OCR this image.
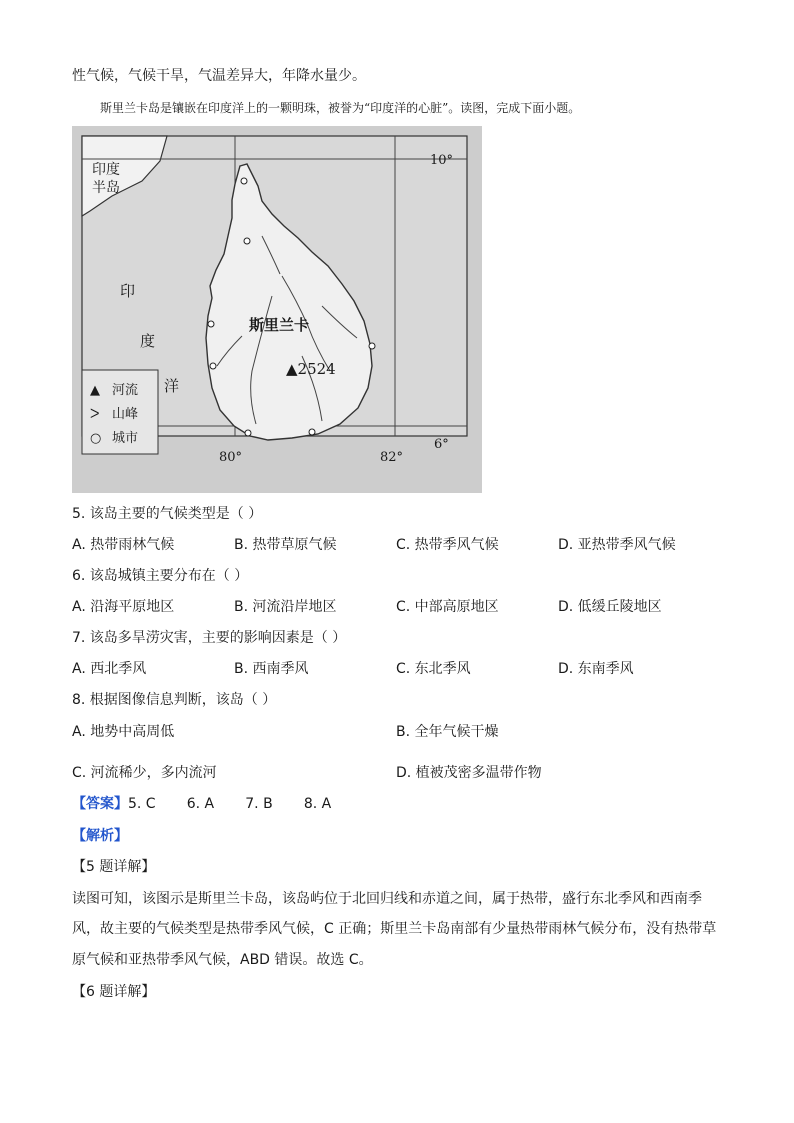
性气候，气候干旱，气温差异大，年降水量少。
斯里兰卡岛是镶嵌在印度洋上的一颗明珠，被誉为“印度洋的心脏”。读图，完成下面小题。
印度
半岛
印
度
洋
斯里兰卡
▲2524
10°
6°
80°	82°
▲ 河流
ᐳ 山峰
○ 城市
5. 该岛主要的气候类型是（ ）
A. 热带雨林气候	B. 热带草原气候	C. 热带季风气候	D. 亚热带季风气候
6. 该岛城镇主要分布在（ ）
A. 沿海平原地区	B. 河流沿岸地区	C. 中部高原地区	D. 低缓丘陵地区
7. 该岛多旱涝灾害，主要的影响因素是（ ）
A. 西北季风	B. 西南季风	C. 东北季风	D. 东南季风
8. 根据图像信息判断，该岛（ ）
A. 地势中高周低	B. 全年气候干燥
C. 河流稀少，多内流河	D. 植被茂密多温带作物
【答案】5. C       6. A       7. B       8. A
【解析】
【5 题详解】
读图可知，该图示是斯里兰卡岛，该岛屿位于北回归线和赤道之间，属于热带，盛行东北季风和西南季
风，故主要的气候类型是热带季风气候，C 正确；斯里兰卡岛南部有少量热带雨林气候分布，没有热带草
原气候和亚热带季风气候，ABD 错误。故选 C。
【6 题详解】
